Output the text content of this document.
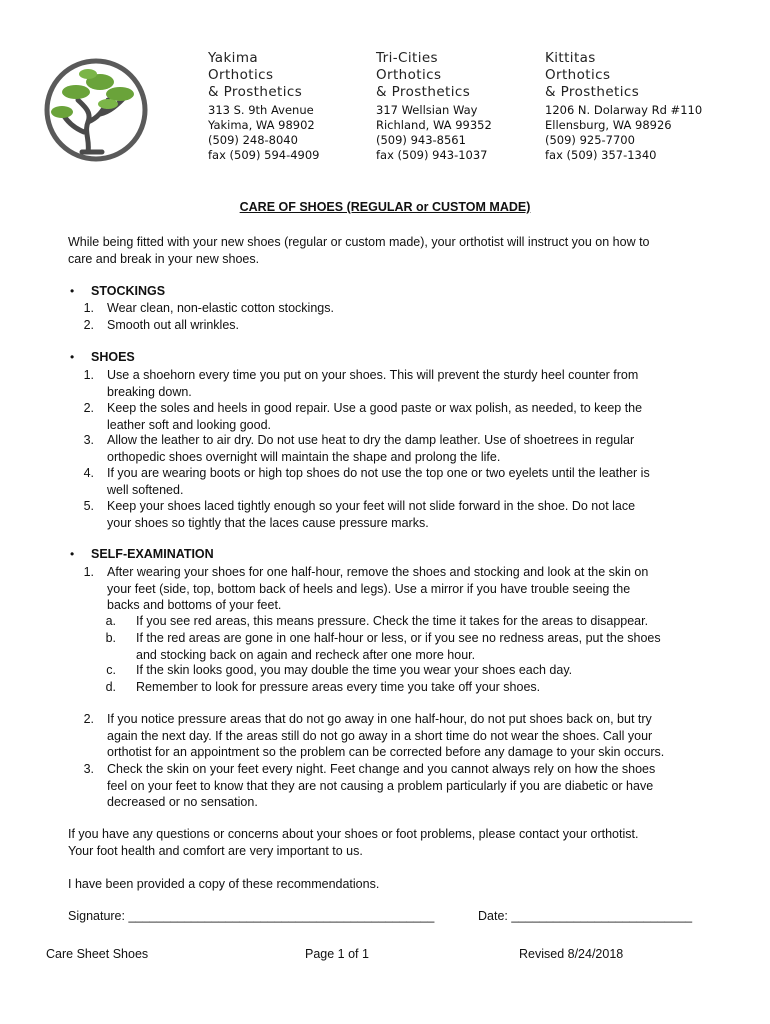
Yakima
Orthotics
& Prosthetics
313 S. 9th Avenue
Yakima, WA 98902
(509) 248-8040
fax (509) 594-4909
Tri-Cities
Orthotics
& Prosthetics
317 Wellsian Way
Richland, WA 99352
(509) 943-8561
fax (509) 943-1037
Kittitas
Orthotics
& Prosthetics
1206 N. Dolarway Rd #110
Ellensburg, WA 98926
(509) 925-7700
fax (509) 357-1340
CARE OF SHOES (REGULAR or CUSTOM MADE)
While being fitted with your new shoes (regular or custom made), your orthotist will instruct you on how to
care and break in your new shoes.
• STOCKINGS
1. Wear clean, non-elastic cotton stockings.
2. Smooth out all wrinkles.
• SHOES
1. Use a shoehorn every time you put on your shoes. This will prevent the sturdy heel counter from
breaking down.
2. Keep the soles and heels in good repair. Use a good paste or wax polish, as needed, to keep the
leather soft and looking good.
3. Allow the leather to air dry. Do not use heat to dry the damp leather. Use of shoetrees in regular
orthopedic shoes overnight will maintain the shape and prolong the life.
4. If you are wearing boots or high top shoes do not use the top one or two eyelets until the leather is
well softened.
5. Keep your shoes laced tightly enough so your feet will not slide forward in the shoe. Do not lace
your shoes so tightly that the laces cause pressure marks.
• SELF-EXAMINATION
1. After wearing your shoes for one half-hour, remove the shoes and stocking and look at the skin on
your feet (side, top, bottom back of heels and legs). Use a mirror if you have trouble seeing the
backs and bottoms of your feet.
a. If you see red areas, this means pressure. Check the time it takes for the areas to disappear.
b. If the red areas are gone in one half-hour or less, or if you see no redness areas, put the shoes
and stocking back on again and recheck after one more hour.
c. If the skin looks good, you may double the time you wear your shoes each day.
d. Remember to look for pressure areas every time you take off your shoes.
2. If you notice pressure areas that do not go away in one half-hour, do not put shoes back on, but try
again the next day. If the areas still do not go away in a short time do not wear the shoes. Call your
orthotist for an appointment so the problem can be corrected before any damage to your skin occurs.
3. Check the skin on your feet every night. Feet change and you cannot always rely on how the shoes
feel on your feet to know that they are not causing a problem particularly if you are diabetic or have
decreased or no sensation.
If you have any questions or concerns about your shoes or foot problems, please contact your orthotist.
Your foot health and comfort are very important to us.
I have been provided a copy of these recommendations.
Signature: ____________________________________________	Date: __________________________
Care Sheet Shoes	Page 1 of 1	Revised 8/24/2018
